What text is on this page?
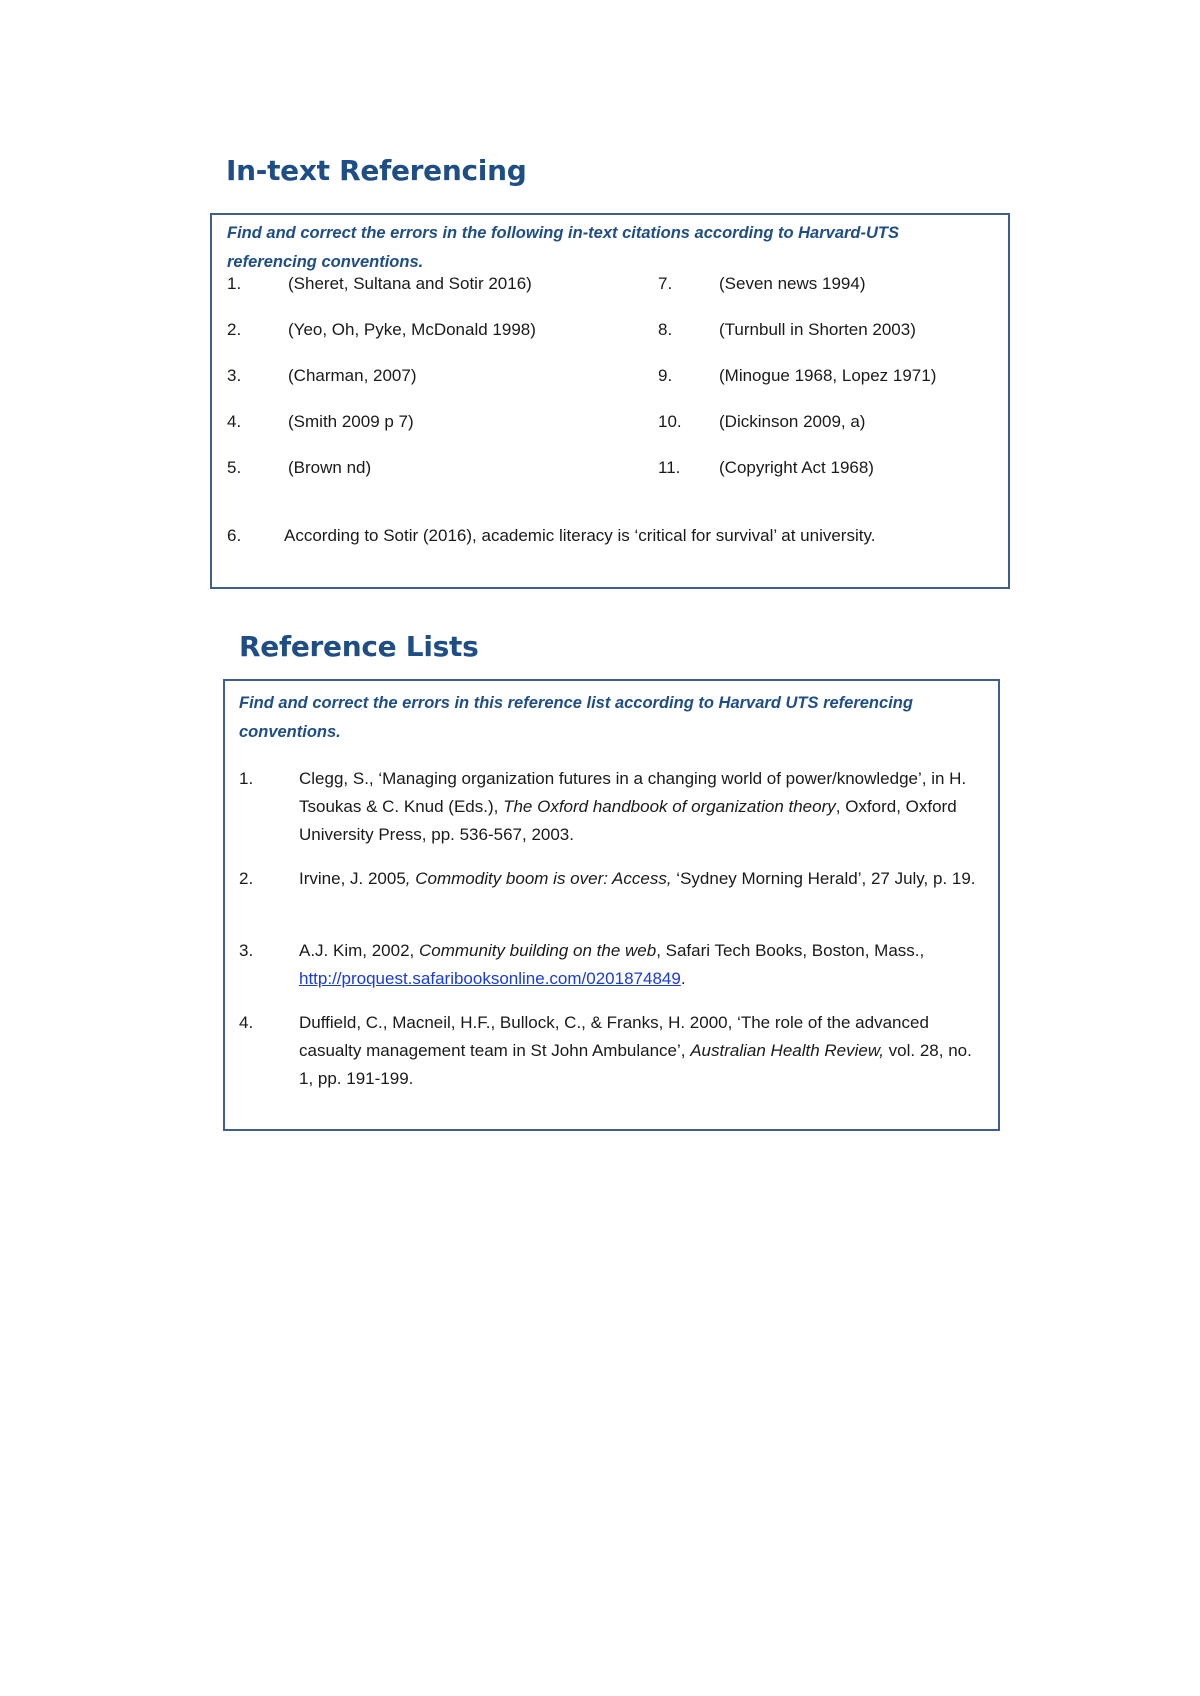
In-text Referencing

Find and correct the errors in the following in-text citations according to Harvard-UTS referencing conventions.

1.	(Sheret, Sultana and Sotir 2016)
2.	(Yeo, Oh, Pyke, McDonald 1998)
3.	(Charman, 2007)
4.	(Smith 2009 p 7)
5.	(Brown nd)
7.	(Seven news 1994)
8.	(Turnbull in Shorten 2003)
9.	(Minogue 1968, Lopez 1971)
10. (Dickinson 2009, a)
11. (Copyright Act 1968)
6.	According to Sotir (2016), academic literacy is ‘critical for survival’ at university.
Reference Lists

Find and correct the errors in this reference list according to Harvard UTS referencing conventions.

1.	Clegg, S., ‘Managing organization futures in a changing world of power/knowledge’, in H. Tsoukas & C. Knud (Eds.), The Oxford handbook of organization theory, Oxford, Oxford University Press, pp. 536-567, 2003.
2.	Irvine, J. 2005, Commodity boom is over: Access, ‘Sydney Morning Herald’, 27 July, p. 19.
3.	A.J. Kim, 2002, Community building on the web, Safari Tech Books, Boston, Mass., http://proquest.safaribooksonline.com/0201874849.
4.	Duffield, C., Macneil, H.F., Bullock, C., & Franks, H. 2000, ‘The role of the advanced casualty management team in St John Ambulance’, Australian Health Review, vol. 28, no. 1, pp. 191-199.
